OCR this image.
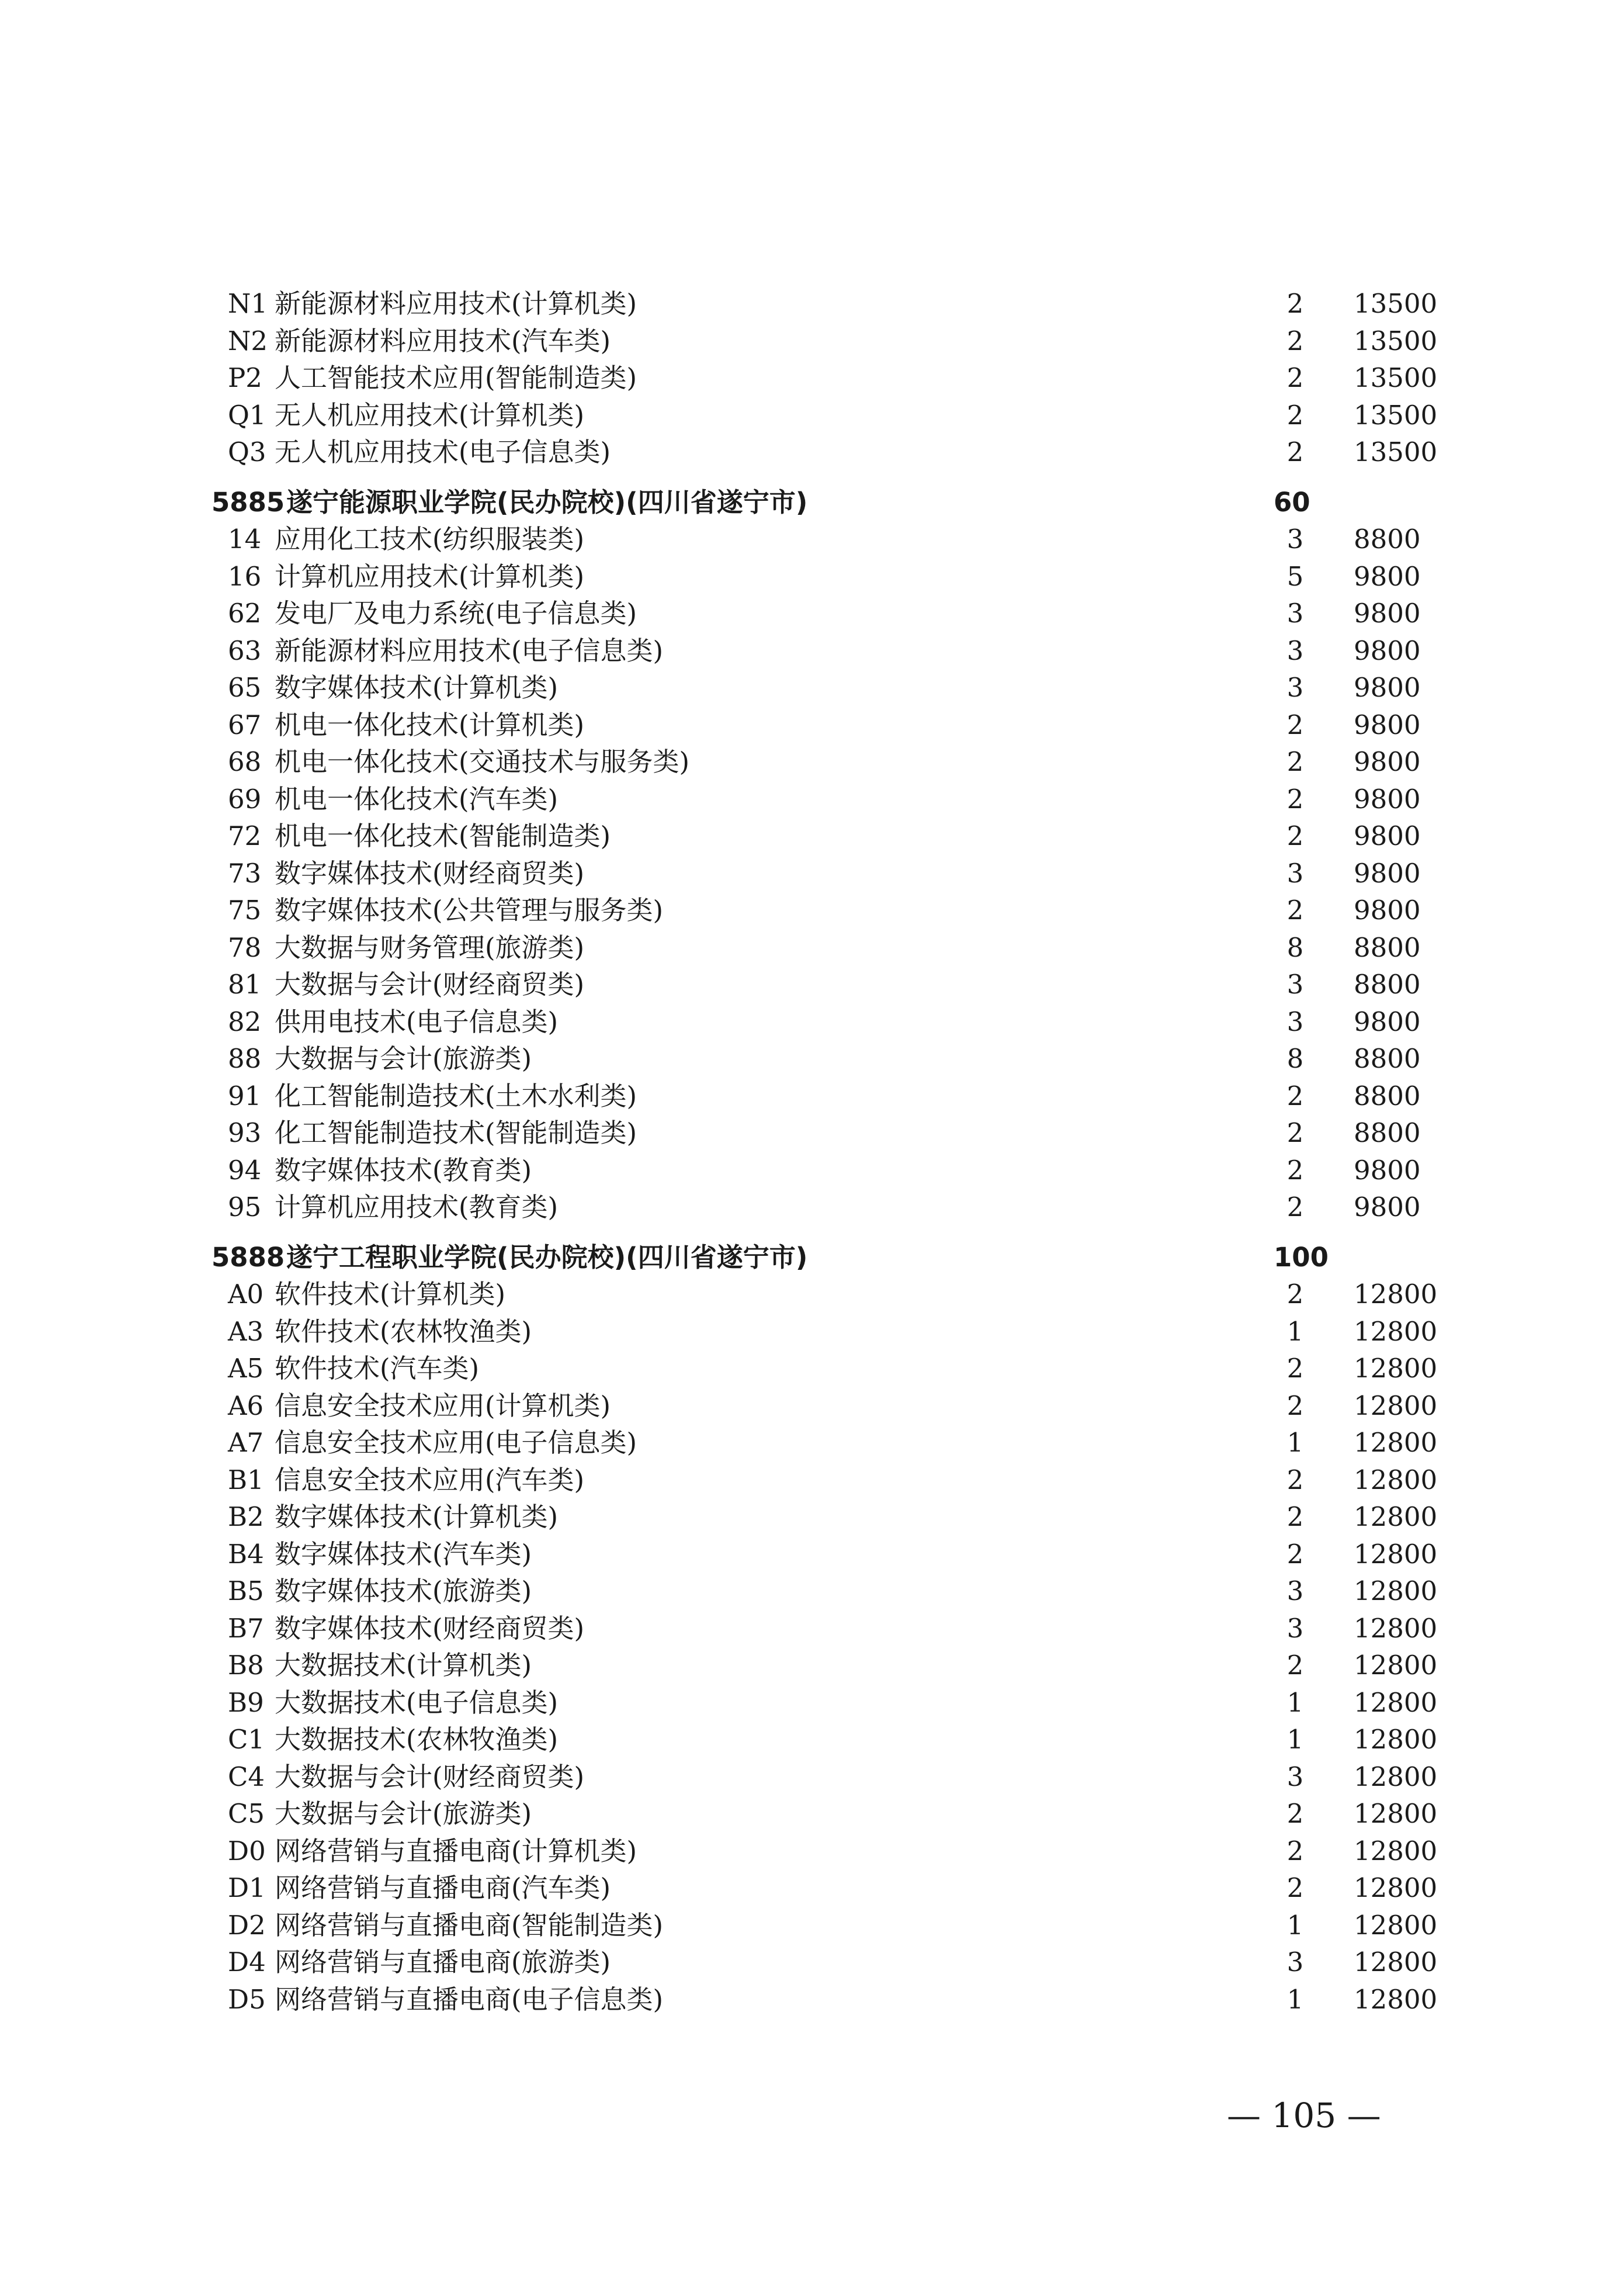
N1 新能源材料应用技术(计算机类)	2 13500
N2 新能源材料应用技术(汽车类)	2 13500
P2 人工智能技术应用(智能制造类)	2 13500
Q1 无人机应用技术(计算机类)	2 13500
Q3 无人机应用技术(电子信息类)	2 13500
5885 遂宁能源职业学院(民办院校)(四川省遂宁市)	60
14 应用化工技术(纺织服装类)	3 8800
16 计算机应用技术(计算机类)	5 9800
62 发电厂及电力系统(电子信息类)	3 9800
63 新能源材料应用技术(电子信息类)	3 9800
65 数字媒体技术(计算机类)	3 9800
67 机电一体化技术(计算机类)	2 9800
68 机电一体化技术(交通技术与服务类)	2 9800
69 机电一体化技术(汽车类)	2 9800
72 机电一体化技术(智能制造类)	2 9800
73 数字媒体技术(财经商贸类)	3 9800
75 数字媒体技术(公共管理与服务类)	2 9800
78 大数据与财务管理(旅游类)	8 8800
81 大数据与会计(财经商贸类)	3 8800
82 供用电技术(电子信息类)	3 9800
88 大数据与会计(旅游类)	8 8800
91 化工智能制造技术(土木水利类)	2 8800
93 化工智能制造技术(智能制造类)	2 8800
94 数字媒体技术(教育类)	2 9800
95 计算机应用技术(教育类)	2 9800
5888 遂宁工程职业学院(民办院校)(四川省遂宁市)	100
A0 软件技术(计算机类)	2 12800
A3 软件技术(农林牧渔类)	1 12800
A5 软件技术(汽车类)	2 12800
A6 信息安全技术应用(计算机类)	2 12800
A7 信息安全技术应用(电子信息类)	1 12800
B1 信息安全技术应用(汽车类)	2 12800
B2 数字媒体技术(计算机类)	2 12800
B4 数字媒体技术(汽车类)	2 12800
B5 数字媒体技术(旅游类)	3 12800
B7 数字媒体技术(财经商贸类)	3 12800
B8 大数据技术(计算机类)	2 12800
B9 大数据技术(电子信息类)	1 12800
C1 大数据技术(农林牧渔类)	1 12800
C4 大数据与会计(财经商贸类)	3 12800
C5 大数据与会计(旅游类)	2 12800
D0 网络营销与直播电商(计算机类)	2 12800
D1 网络营销与直播电商(汽车类)	2 12800
D2 网络营销与直播电商(智能制造类)	1 12800
D4 网络营销与直播电商(旅游类)	3 12800
D5 网络营销与直播电商(电子信息类)	1 12800
— 105 —
